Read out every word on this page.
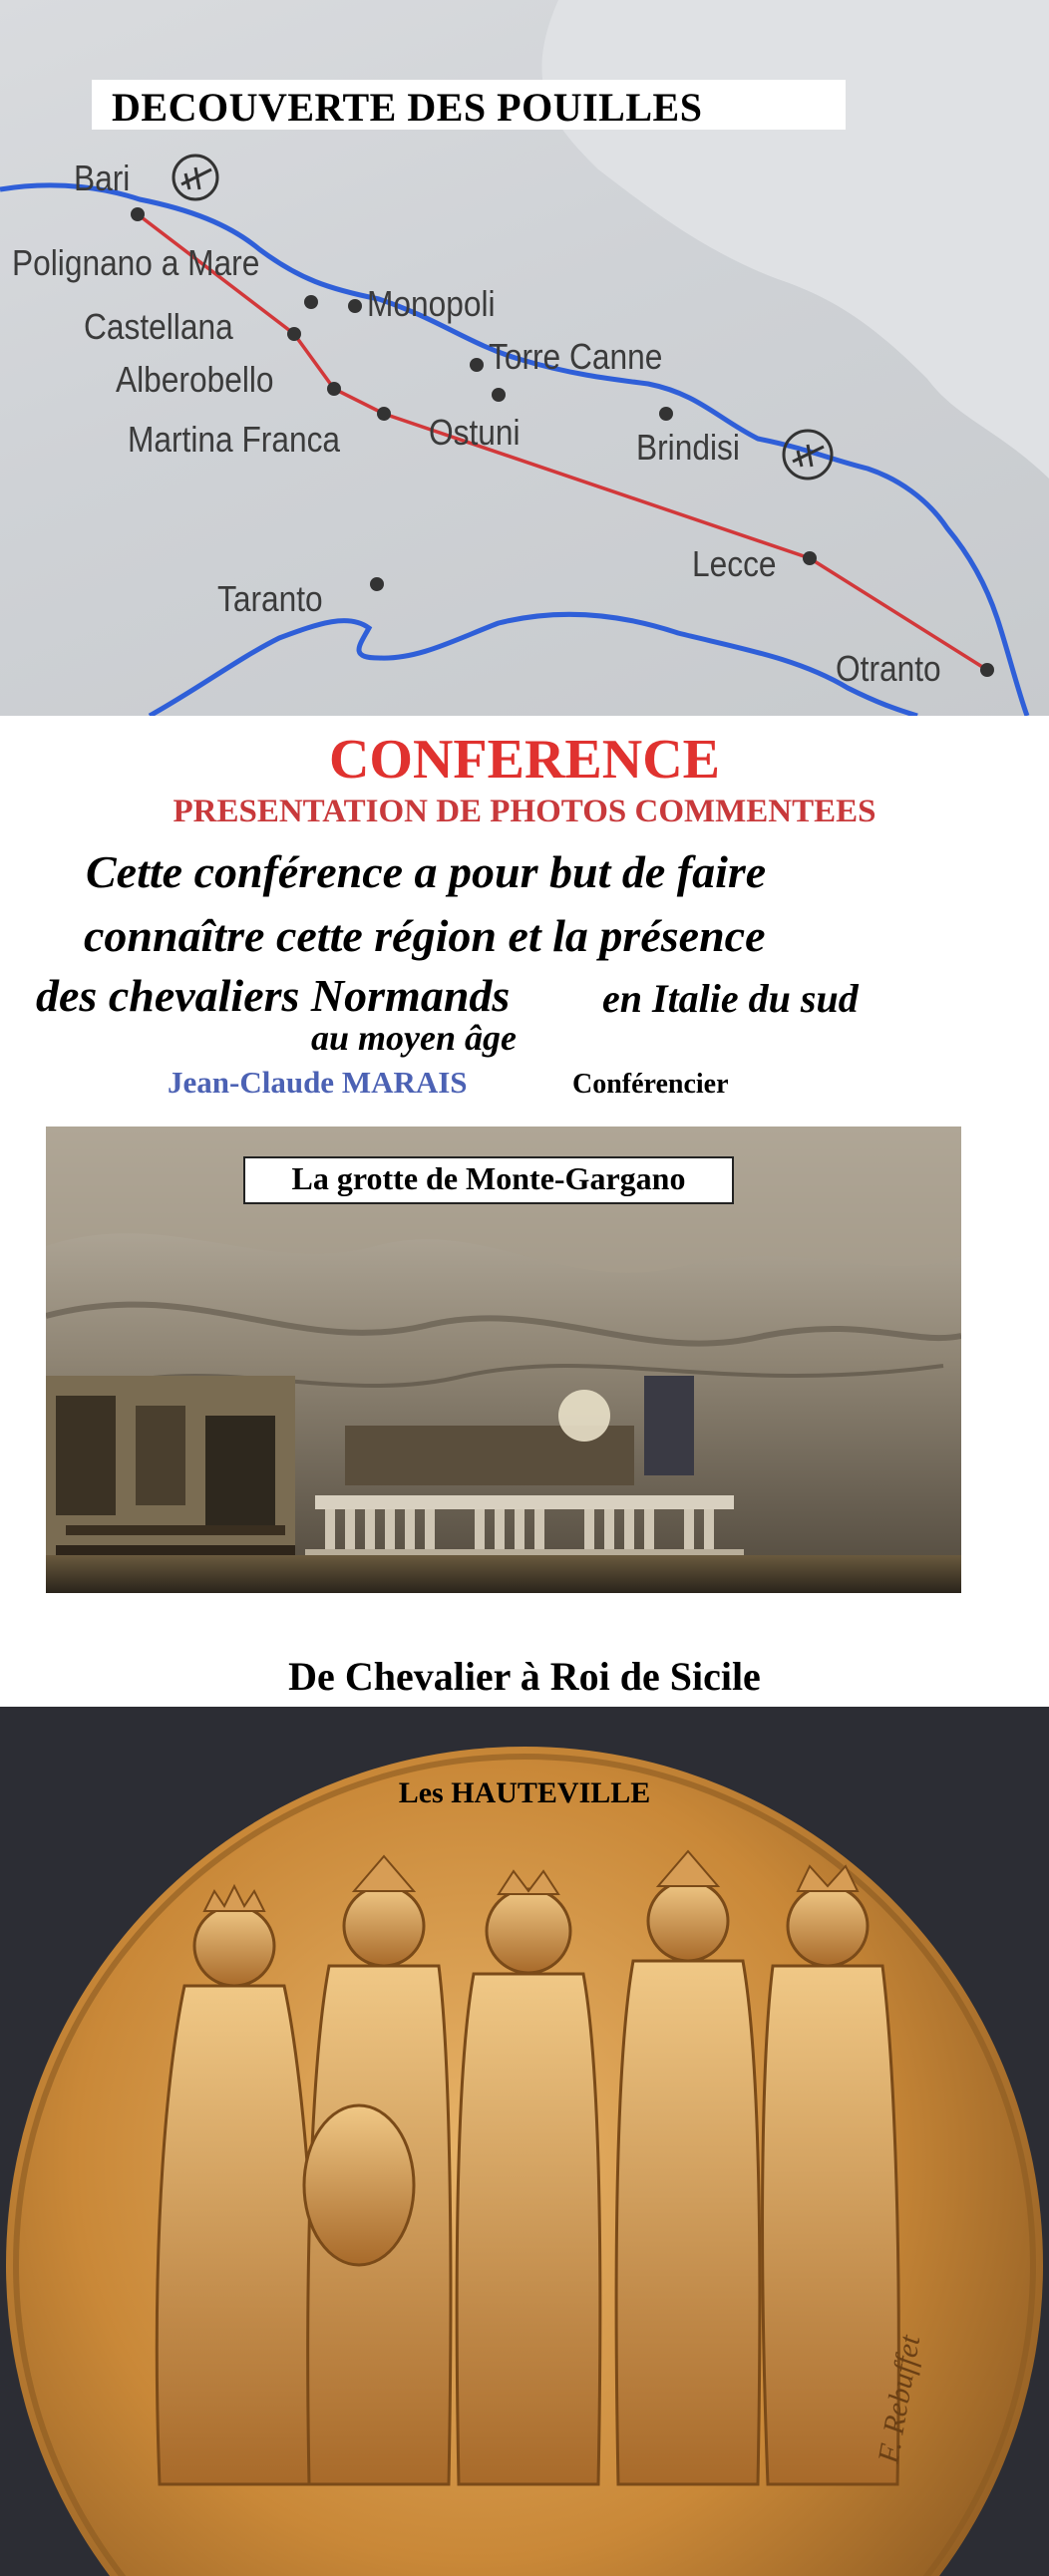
DECOUVERTE DES POUILLES
Bari
Polignano a Mare
Monopoli
Castellana
Torre Canne
Alberobello
Martina Franca Ostuni	Brindisi
Lecce
Taranto
Otranto
CONFERENCE
PRESENTATION DE PHOTOS COMMENTEES
Cette conférence a pour but de faire
connaître cette région et la présence
des chevaliers Normands en Italie du sud
au moyen âge
Jean-Claude MARAIS	Conférencier
La grotte de Monte-Gargano
De Chevalier à Roi de Sicile
F. Rebuffet
Les HAUTEVILLE
